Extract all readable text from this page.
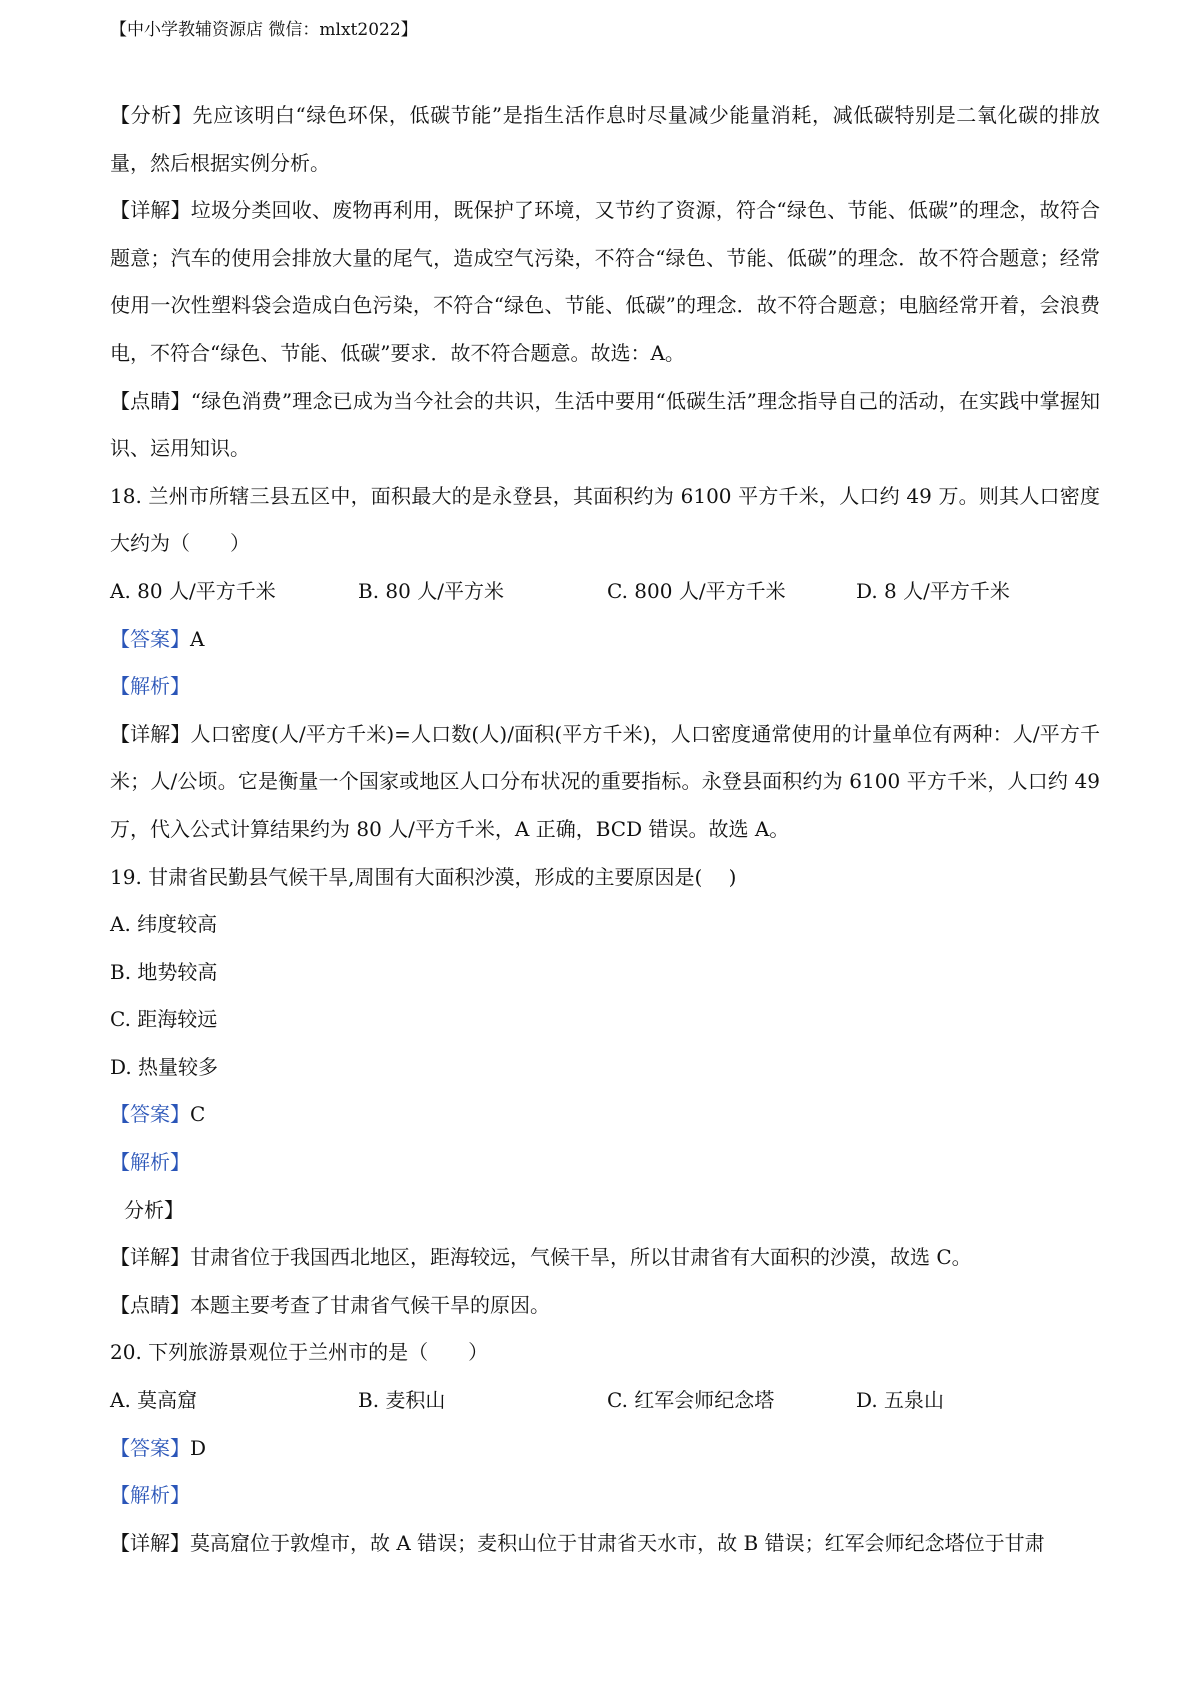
【中小学教辅资源店 微信：mlxt2022】

【分析】先应该明白“绿色环保，低碳节能”是指生活作息时尽量减少能量消耗，减低碳特别是二氧化碳的排放量，然后根据实例分析。

【详解】垃圾分类回收、废物再利用，既保护了环境，又节约了资源，符合“绿色、节能、低碳”的理念，故符合题意；汽车的使用会排放大量的尾气，造成空气污染，不符合“绿色、节能、低碳”的理念．故不符合题意；经常使用一次性塑料袋会造成白色污染，不符合“绿色、节能、低碳”的理念．故不符合题意；电脑经常开着，会浪费电，不符合“绿色、节能、低碳”要求．故不符合题意。故选：A。

【点睛】“绿色消费”理念已成为当今社会的共识，生活中要用“低碳生活”理念指导自己的活动，在实践中掌握知识、运用知识。

18. 兰州市所辖三县五区中，面积最大的是永登县，其面积约为 6100 平方千米，人口约 49 万。则其人口密度大约为（　　）

A. 80 人/平方千米	B. 80 人/平方米	C. 800 人/平方千米	D. 8 人/平方千米

【答案】A

【解析】

【详解】人口密度(人/平方千米)=人口数(人)/面积(平方千米)，人口密度通常使用的计量单位有两种：人/平方千米；人/公顷。它是衡量一个国家或地区人口分布状况的重要指标。永登县面积约为 6100 平方千米，人口约 49 万，代入公式计算结果约为 80 人/平方千米，A 正确，BCD 错误。故选 A。

19. 甘肃省民勤县气候干旱,周围有大面积沙漠，形成的主要原因是(　 )

A. 纬度较高

B. 地势较高

C. 距海较远

D. 热量较多

【答案】C

【解析】

分析】

【详解】甘肃省位于我国西北地区，距海较远，气候干旱，所以甘肃省有大面积的沙漠，故选 C。

【点睛】本题主要考查了甘肃省气候干旱的原因。

20. 下列旅游景观位于兰州市的是（　　）

A. 莫高窟	B. 麦积山	C. 红军会师纪念塔	D. 五泉山

【答案】D

【解析】

【详解】莫高窟位于敦煌市，故 A 错误；麦积山位于甘肃省天水市，故 B 错误；红军会师纪念塔位于甘肃
